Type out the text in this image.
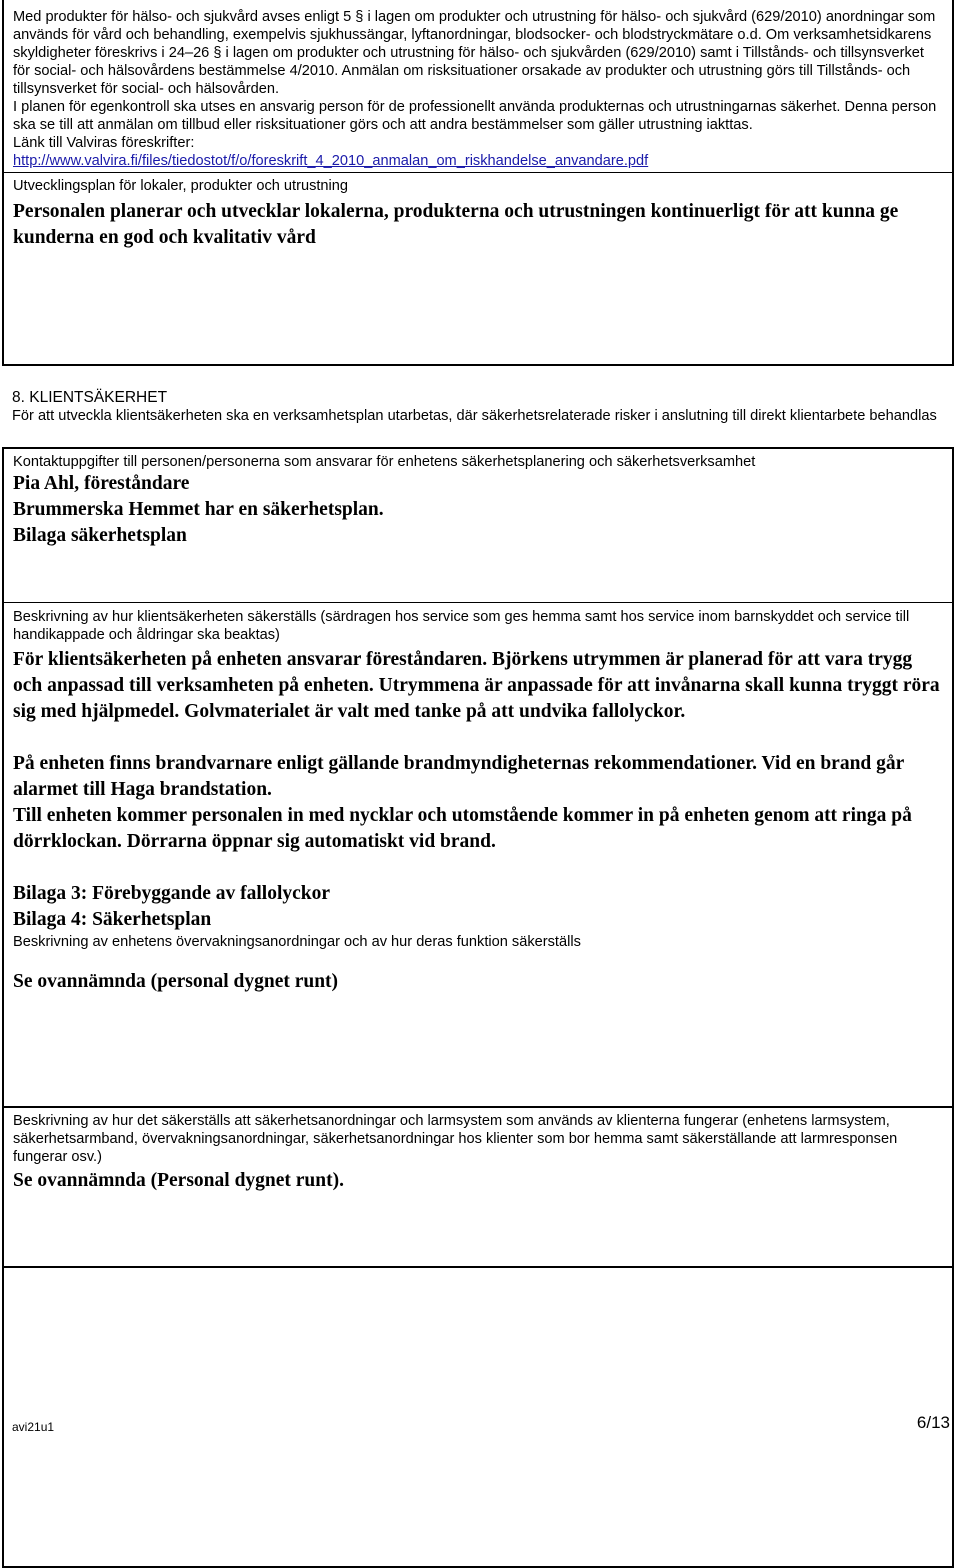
Med produkter för hälso- och sjukvård avses enligt 5 § i lagen om produkter och utrustning för hälso- och sjukvård (629/2010) anordningar som används för vård och behandling, exempelvis sjukhussängar, lyftanordningar, blodsocker- och blodstryckmätare o.d. Om verksamhetsidkarens skyldigheter föreskrivs i 24–26 § i lagen om produkter och utrustning för hälso- och sjukvården (629/2010) samt i Tillstånds- och tillsynsverket för social- och hälsovårdens bestämmelse 4/2010. Anmälan om risksituationer orsakade av produkter och utrustning görs till Tillstånds- och tillsynsverket för social- och hälsovården.

I planen för egenkontroll ska utses en ansvarig person för de professionellt använda produkternas och utrustningarnas säkerhet. Denna person ska se till att anmälan om tillbud eller risksituationer görs och att andra bestämmelser som gäller utrustning iakttas.

Länk till Valviras föreskrifter:

http://www.valvira.fi/files/tiedostot/f/o/foreskrift_4_2010_anmalan_om_riskhandelse_anvandare.pdf

Utvecklingsplan för lokaler, produkter och utrustning

Personalen planerar och utvecklar lokalerna, produkterna och utrustningen kontinuerligt för att kunna ge kunderna en god och kvalitativ vård

8. KLIENTSÄKERHET

För att utveckla klientsäkerheten ska en verksamhetsplan utarbetas, där säkerhetsrelaterade risker i anslutning till direkt klientarbete behandlas

Kontaktuppgifter till personen/personerna som ansvarar för enhetens säkerhetsplanering och säkerhetsverksamhet

Pia Ahl, föreståndare

Brummerska Hemmet har en säkerhetsplan.

Bilaga säkerhetsplan

Beskrivning av hur klientsäkerheten säkerställs (särdragen hos service som ges hemma samt hos service inom barnskyddet och service till handikappade och åldringar ska beaktas)

För klientsäkerheten på enheten ansvarar föreståndaren. Björkens utrymmen är planerad för att vara trygg och anpassad till verksamheten på enheten. Utrymmena är anpassade för att invånarna skall kunna tryggt röra sig med hjälpmedel. Golvmaterialet är valt med tanke på att undvika fallolyckor.

På enheten finns brandvarnare enligt gällande brandmyndigheternas rekommendationer. Vid en brand går alarmet till Haga brandstation.

Till enheten kommer personalen in med nycklar och utomstående kommer in på enheten genom att ringa på dörrklockan. Dörrarna öppnar sig automatiskt vid brand.

Bilaga 3: Förebyggande av fallolyckor

Bilaga 4: Säkerhetsplan

Beskrivning av enhetens övervakningsanordningar och av hur deras funktion säkerställs

Se ovannämnda (personal dygnet runt)

Beskrivning av hur det säkerställs att säkerhetsanordningar och larmsystem som används av klienterna fungerar (enhetens larmsystem, säkerhetsarmband, övervakningsanordningar, säkerhetsanordningar hos klienter som bor hemma samt säkerställande att larmresponsen fungerar osv.)

Se ovannämnda (Personal dygnet runt).

avi21u1	6/13
